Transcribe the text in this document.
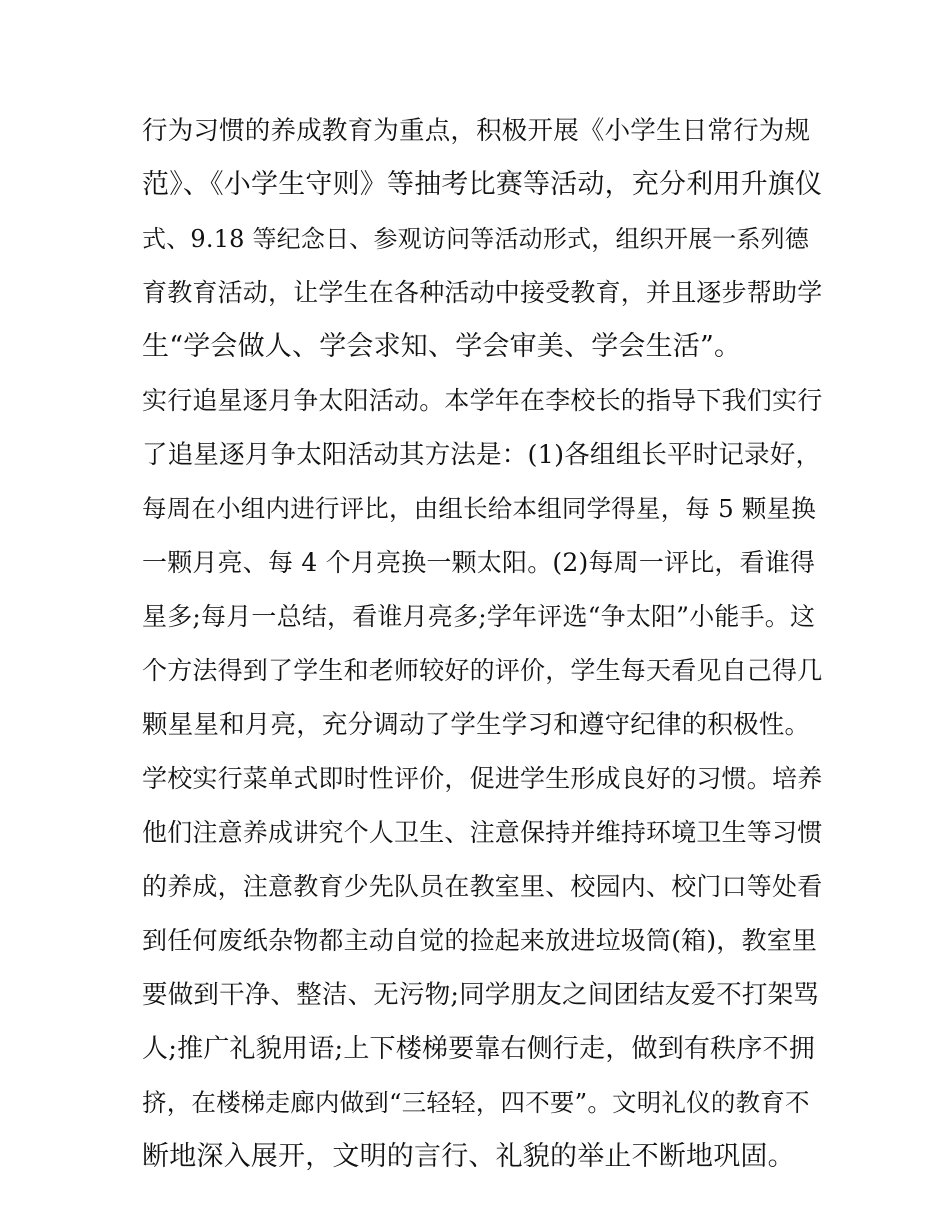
行为习惯的养成教育为重点，积极开展《小学生日常行为规
范》、《小学生守则》等抽考比赛等活动，充分利用升旗仪
式、9.18 等纪念日、参观访问等活动形式，组织开展一系列德
育教育活动，让学生在各种活动中接受教育，并且逐步帮助学
生“学会做人、学会求知、学会审美、学会生活”。
实行追星逐月争太阳活动。本学年在李校长的指导下我们实行
了追星逐月争太阳活动其方法是：(1)各组组长平时记录好，
每周在小组内进行评比，由组长给本组同学得星，每 5 颗星换
一颗月亮、每 4 个月亮换一颗太阳。(2)每周一评比，看谁得
星多;每月一总结，看谁月亮多;学年评选“争太阳”小能手。这
个方法得到了学生和老师较好的评价，学生每天看见自己得几
颗星星和月亮，充分调动了学生学习和遵守纪律的积极性。
学校实行菜单式即时性评价，促进学生形成良好的习惯。培养
他们注意养成讲究个人卫生、注意保持并维持环境卫生等习惯
的养成，注意教育少先队员在教室里、校园内、校门口等处看
到任何废纸杂物都主动自觉的捡起来放进垃圾筒(箱)，教室里
要做到干净、整洁、无污物;同学朋友之间团结友爱不打架骂
人;推广礼貌用语;上下楼梯要靠右侧行走，做到有秩序不拥
挤，在楼梯走廊内做到“三轻轻，四不要”。文明礼仪的教育不
断地深入展开，文明的言行、礼貌的举止不断地巩固。
